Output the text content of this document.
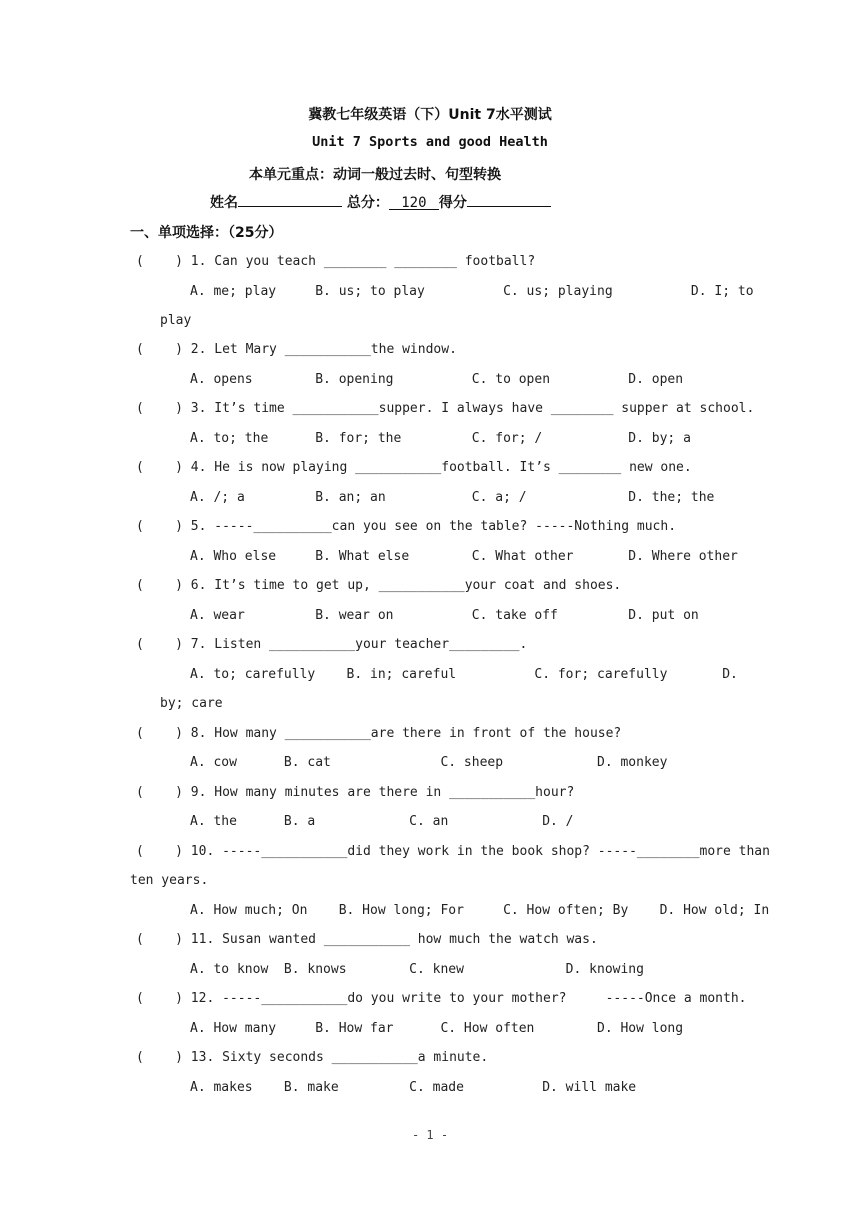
冀教七年级英语（下）Unit 7水平测试
Unit 7 Sports and good Health
本单元重点：动词一般过去时、句型转换
姓名	总分： 120 得分
一、单项选择：（25分）
(    ) 1. Can you teach ________ ________ football?
A. me; play     B. us; to play          C. us; playing          D. I; to
play
(    ) 2. Let Mary ___________the window.
A. opens        B. opening          C. to open          D. open
(    ) 3. It’s time ___________supper. I always have ________ supper at school.
A. to; the      B. for; the         C. for; /           D. by; a
(    ) 4. He is now playing ___________football. It’s ________ new one.
A. /; a         B. an; an           C. a; /             D. the; the
(    ) 5. -----__________can you see on the table? -----Nothing much.
A. Who else     B. What else        C. What other       D. Where other
(    ) 6. It’s time to get up, ___________your coat and shoes.
A. wear         B. wear on          C. take off         D. put on
(    ) 7. Listen ___________your teacher_________.
A. to; carefully    B. in; careful          C. for; carefully       D.
by; care
(    ) 8. How many ___________are there in front of the house?
A. cow      B. cat              C. sheep            D. monkey
(    ) 9. How many minutes are there in ___________hour?
A. the      B. a            C. an            D. /
(    ) 10. -----___________did they work in the book shop? -----________more than
ten years.
A. How much; On    B. How long; For     C. How often; By    D. How old; In
(    ) 11. Susan wanted ___________ how much the watch was.
A. to know  B. knows        C. knew             D. knowing
(    ) 12. -----___________do you write to your mother?     -----Once a month.
A. How many     B. How far      C. How often        D. How long
(    ) 13. Sixty seconds ___________a minute.
A. makes    B. make         C. made          D. will make
- 1 -
